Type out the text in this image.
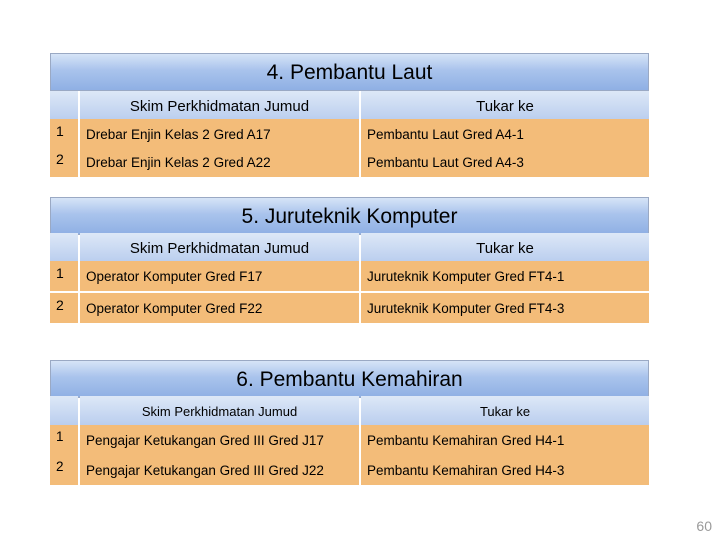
4. Pembantu Laut
Skim Perkhidmatan Jumud	Tukar ke
1	Drebar Enjin Kelas 2 Gred A17	Pembantu Laut Gred A4-1
2	Drebar Enjin Kelas 2 Gred A22	Pembantu Laut Gred A4-3
5. Juruteknik Komputer
Skim Perkhidmatan Jumud	Tukar ke
1	Operator Komputer Gred F17	Juruteknik Komputer Gred FT4-1
2	Operator Komputer Gred F22	Juruteknik Komputer Gred FT4-3
6. Pembantu Kemahiran
Skim Perkhidmatan Jumud	Tukar ke
1	Pengajar Ketukangan Gred III Gred J17	Pembantu Kemahiran Gred H4-1
2	Pengajar Ketukangan Gred III Gred J22	Pembantu Kemahiran Gred H4-3
60
